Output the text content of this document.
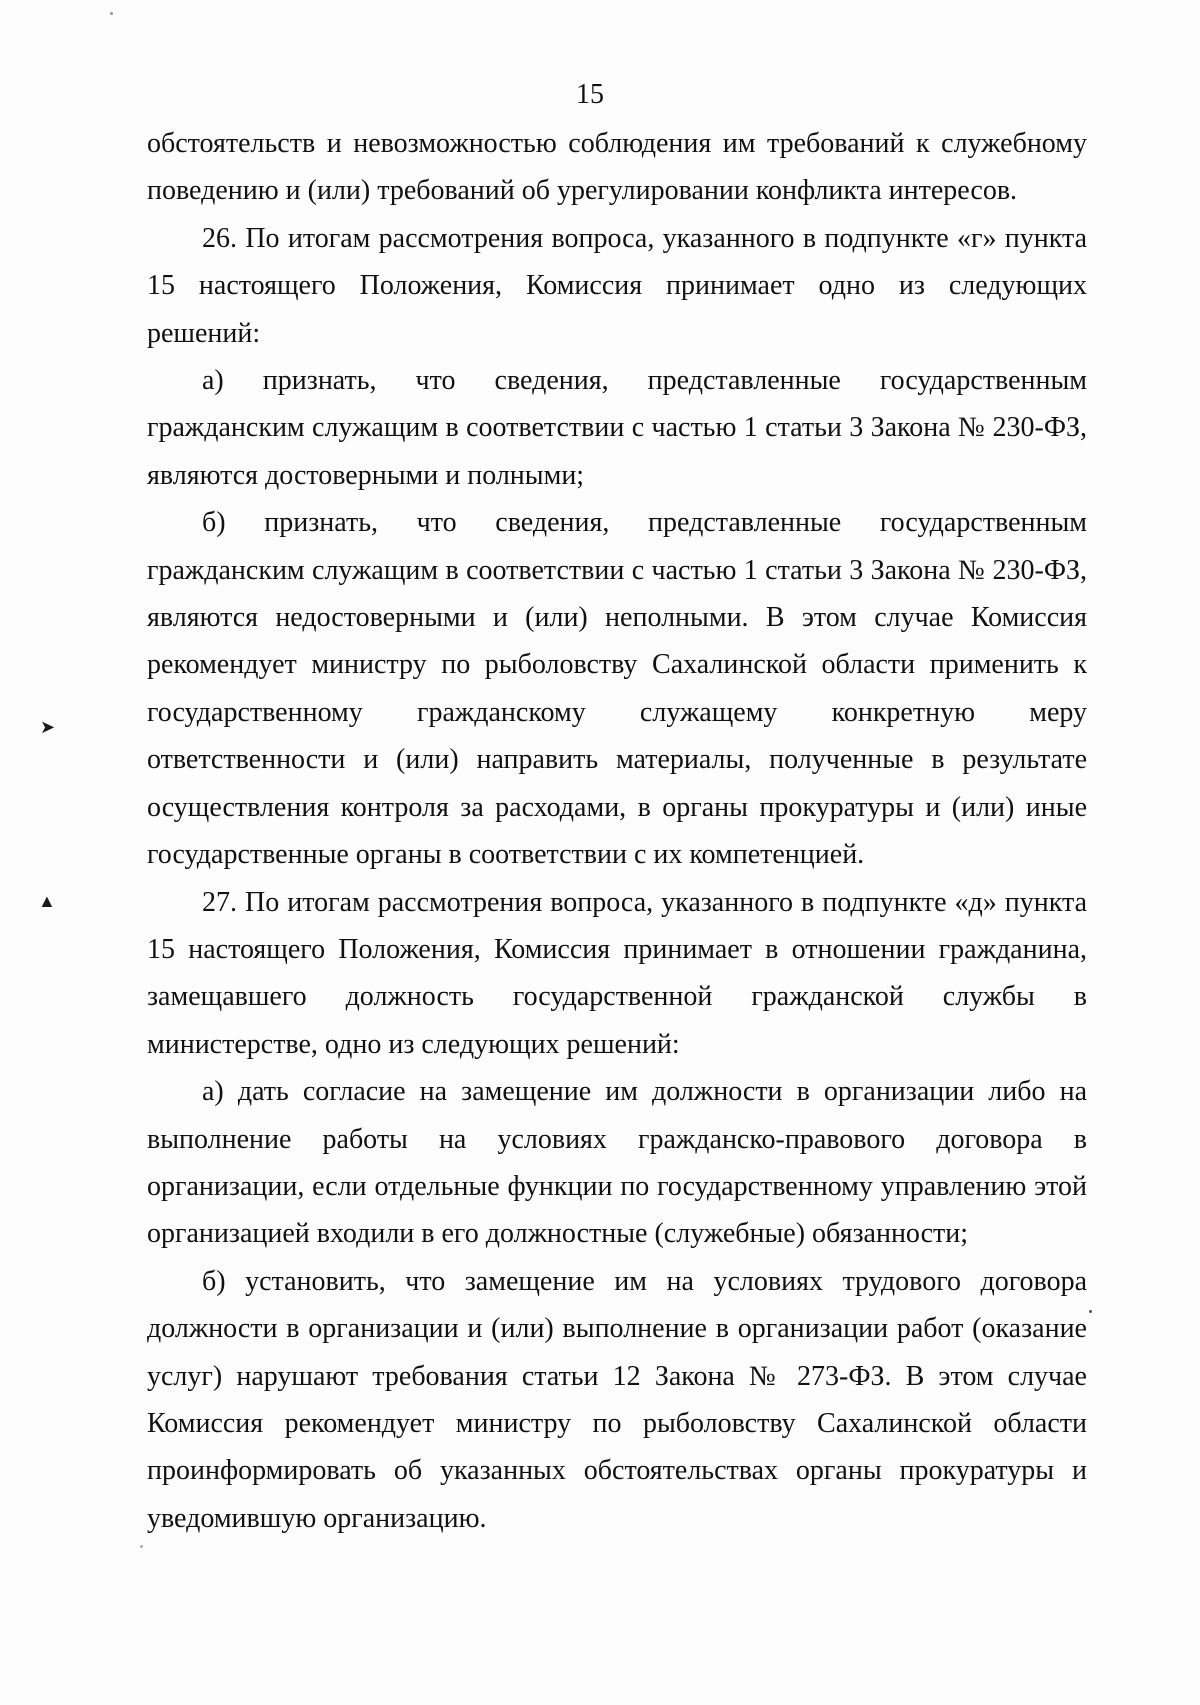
15

обстоятельств и невозможностью соблюдения им требований к служебному поведению и (или) требований об урегулировании конфликта интересов.

26. По итогам рассмотрения вопроса, указанного в подпункте «г» пункта 15 настоящего Положения, Комиссия принимает одно из следующих решений:

а) признать, что сведения, представленные государственным гражданским служащим в соответствии с частью 1 статьи 3 Закона № 230-ФЗ, являются достоверными и полными;

б) признать, что сведения, представленные государственным гражданским служащим в соответствии с частью 1 статьи 3 Закона № 230-ФЗ, являются недостоверными и (или) неполными. В этом случае Комиссия рекомендует министру по рыболовству Сахалинской области применить к государственному гражданскому служащему конкретную меру ответственности и (или) направить материалы, полученные в результате осуществления контроля за расходами, в органы прокуратуры и (или) иные государственные органы в соответствии с их компетенцией.

27. По итогам рассмотрения вопроса, указанного в подпункте «д» пункта 15 настоящего Положения, Комиссия принимает в отношении гражданина, замещавшего должность государственной гражданской службы в министерстве, одно из следующих решений:

а) дать согласие на замещение им должности в организации либо на выполнение работы на условиях гражданско-правового договора в организации, если отдельные функции по государственному управлению этой организацией входили в его должностные (служебные) обязанности;

б) установить, что замещение им на условиях трудового договора должности в организации и (или) выполнение в организации работ (оказание услуг) нарушают требования статьи 12 Закона № 273-ФЗ. В этом случае Комиссия рекомендует министру по рыболовству Сахалинской области проинформировать об указанных обстоятельствах органы прокуратуры и уведомившую организацию.

➤
▲
